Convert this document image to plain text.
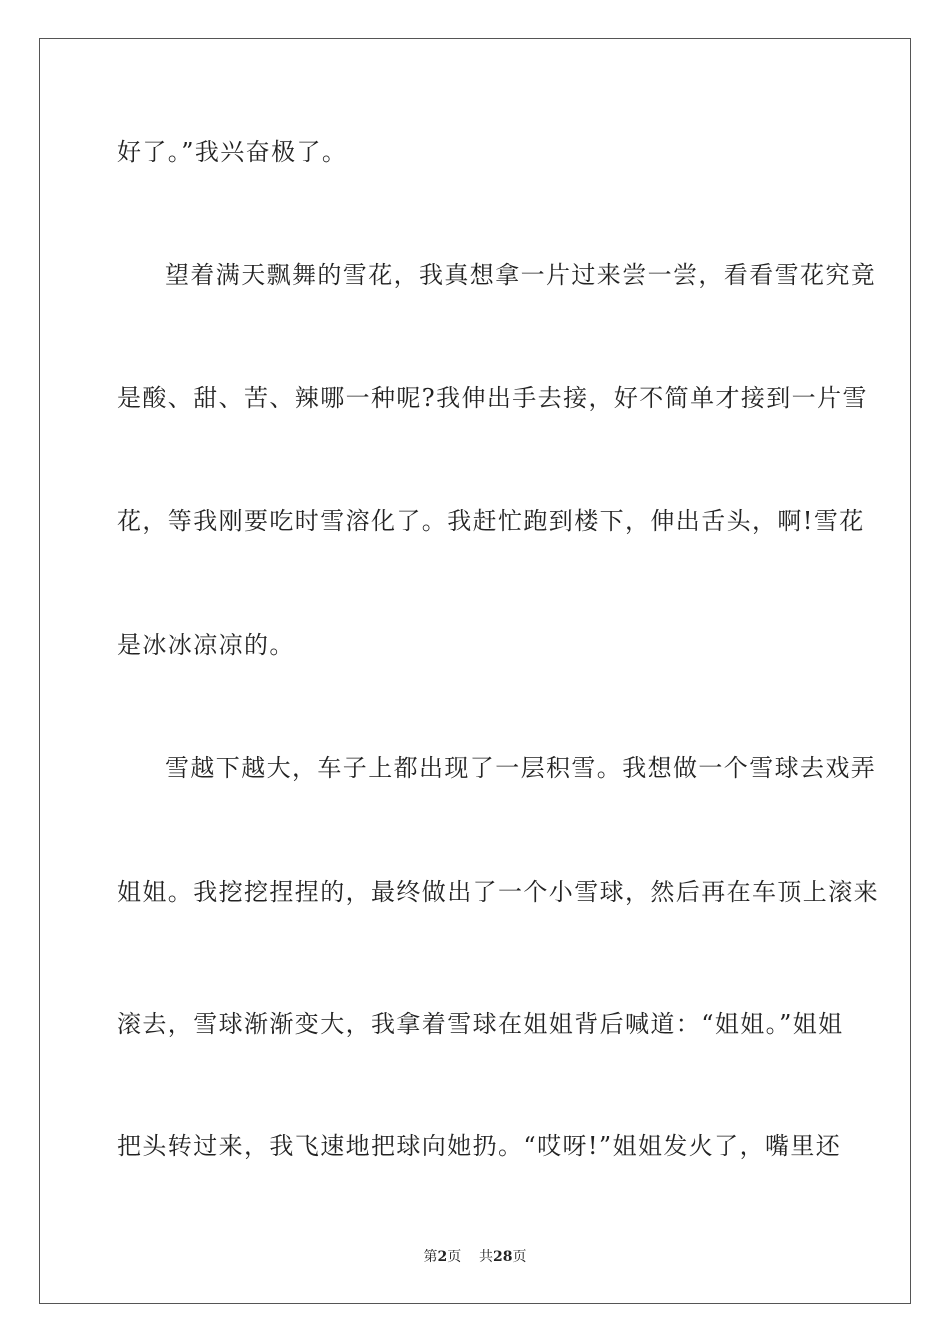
好了。”我兴奋极了。
望着满天飘舞的雪花，我真想拿一片过来尝一尝，看看雪花究竟
是酸、甜、苦、辣哪一种呢?我伸出手去接，好不简单才接到一片雪
花，等我刚要吃时雪溶化了。我赶忙跑到楼下，伸出舌头，啊!雪花
是冰冰凉凉的。
雪越下越大，车子上都出现了一层积雪。我想做一个雪球去戏弄
姐姐。我挖挖捏捏的，最终做出了一个小雪球，然后再在车顶上滚来
滚去，雪球渐渐变大，我拿着雪球在姐姐背后喊道：“姐姐。”姐姐
把头转过来，我飞速地把球向她扔。“哎呀!”姐姐发火了，嘴里还
第2页 共28页
